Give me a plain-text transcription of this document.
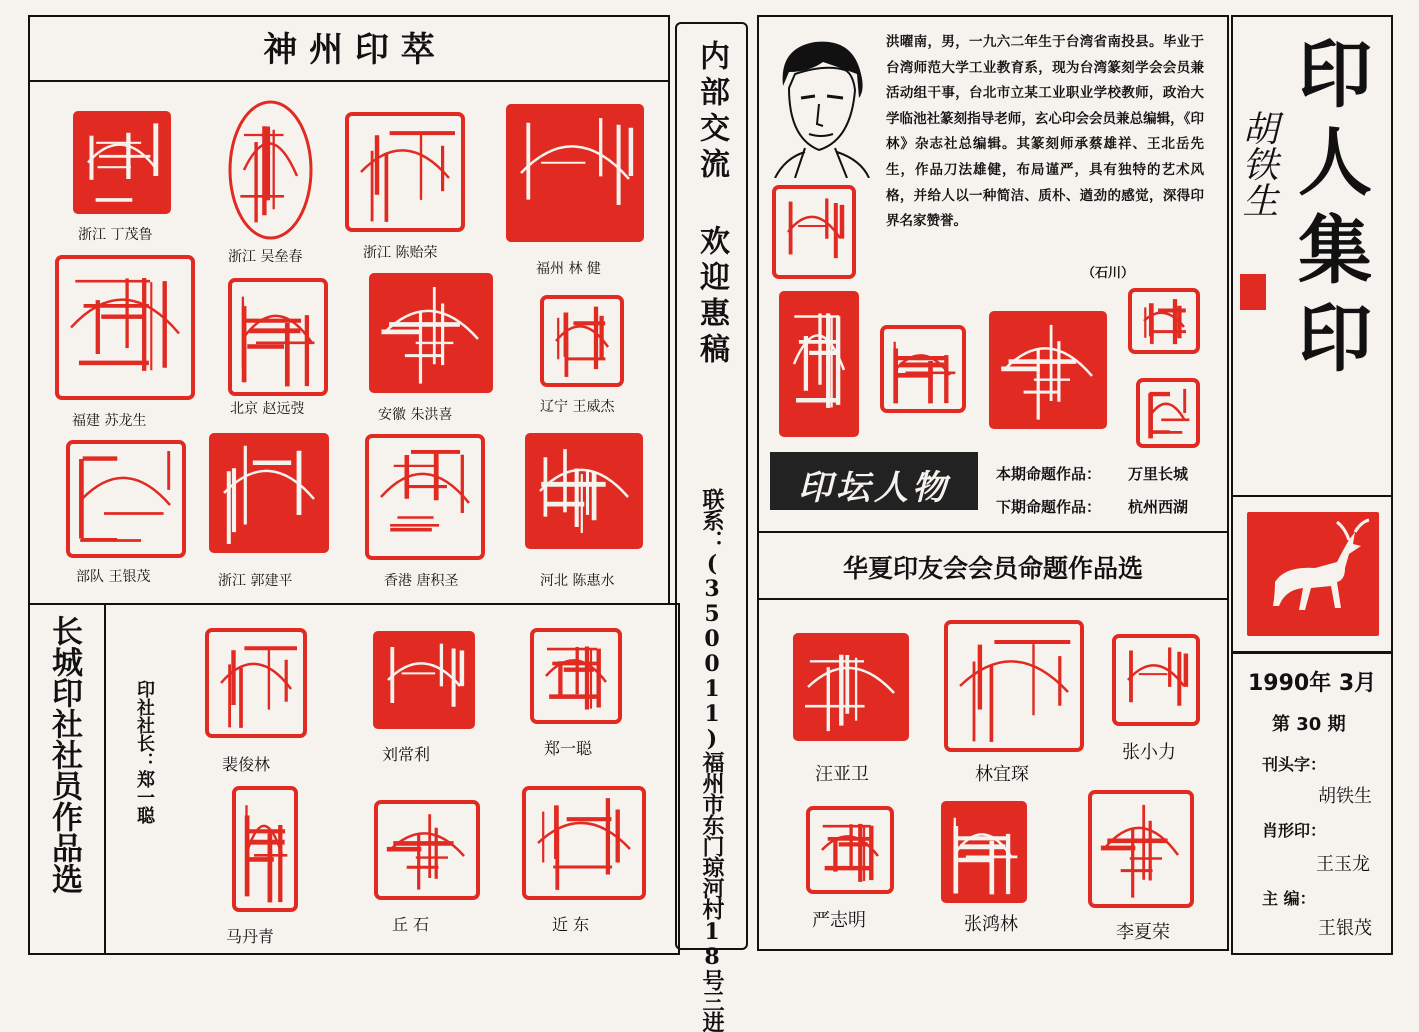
神 州 印 萃
浙江 丁茂鲁
浙江 吴垒春	浙江 陈贻荣
福州 林 健
福建 苏龙生
北京 赵远弢	安徽 朱洪喜	辽宁 王威杰
部队 王银茂	浙江 郭建平	香港 唐积圣	河北 陈惠水
长城印社社员作品选	印社社长：郑一聪	裴俊林
刘常利	郑一聪
马丹青
丘 石	近 东
内部交流 欢迎惠稿
联系：(350011)福州市东门琼河村18号三进
洪曜南，男，一九六二年生于台湾省南投县。毕业于台湾师范大学工业教育系，现为台湾篆刻学会会员兼活动组干事，台北市立某工业职业学校教师，政治大学临池社篆刻指导老师，玄心印会会员兼总编辑，《印林》杂志社总编辑。其篆刻师承蔡雄祥、王北岳先生，作品刀法雄健，布局谨严，具有独特的艺术风格，并给人以一种简洁、质朴、遒劲的感觉，深得印界名家赞誉。
（石川）
印坛人物	本期命题作品： 万里长城
下期命题作品： 杭州西湖
华夏印友会会员命题作品选
汪亚卫	林宜琛
张小力
严志明	张鸿林	李夏荣
印人集印
胡铁生
1990年 3月
第 30 期
刊头字：
胡铁生
肖形印：
王玉龙
主 编：
王银茂
